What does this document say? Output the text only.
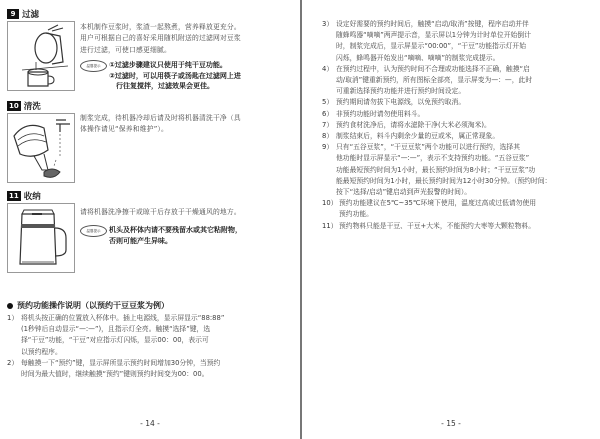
9 过滤
本机制作豆浆时，浆渣一起熬煮，营养释放更充分。
用户可根据自己的喜好采用随机附送的过滤网对豆浆
进行过滤，可使口感更细腻。
温馨提示	①过滤步骤建议只使用于纯干豆功能。
②过滤时，可以用筷子或汤匙在过滤网上进
　行往复搅拌，过滤效果会更佳。
10 清洗
制浆完成，待机器冷却后请及时将机器清洗干净（具
体操作请见“保养和维护”）。
11 收纳
请将机器洗净擦干或晾干后存放于干燥通风的地方。
温馨提示	机头及杯体内请不要残留水或其它粘附物，
否则可能产生异味。
预约功能操作说明（以预约干豆豆浆为例）
1） 将机头按正确的位置放入杯体中。插上电源线，显示屏显示“88:88”
(1秒钟后自动显示“—:—”)，且指示灯全亮。触摸“选择”键，选
择“干豆”功能，“干豆”对应指示灯闪烁，显示00：00，表示可
以预约程序。
2） 每触摸一下“预约”键，显示屏所显示预约时间增加30分钟，当预约
时间为最大值时，继续触摸“预约”键则预约时间变为00：00。
- 14 -
3） 设定好需要的预约时间后，触摸“启动/取消”按键，程序启动并伴
随蜂鸣器“嘀嘀”两声提示音，显示屏以1分钟为计时单位开始倒计
时，制浆完成后，显示屏显示“00:00”，“干豆”功能指示灯开始
闪烁，蜂鸣器开始发出“嘀嘀、嘀嘀”的制浆完成提示。
4） 在预约过程中，认为预约时间不合理或功能选择不正确，触摸“启
动/取消”键重新预约，所有图标全部亮，显示屏变为—：—，此时
可重新选择预约功能并进行预约时间设定。
5） 预约期间请勿拔下电源线，以免预约取消。
6） 非预约功能时请勿使用料斗。
7） 预约食材洗净后，请将水滤除干净(大米必须淘米)。
8） 制浆结束后，料斗内剩余少量的豆或米，属正常现象。
9） 只有“五谷豆浆”，“干豆豆浆”两个功能可以进行预约，选择其
他功能时显示屏显示“—:—”，表示不支持预约功能。“五谷豆浆”
功能最短预约时间为1小时，最长预约时间为8小时；“干豆豆浆”功
能最短预约时间为1小时，最长预约时间为12小时30分钟。（预约时间：
按下“选择/启动”键启动到声光报警的时间）。
10） 预约功能建议在5℃~35℃环境下使用，温度过高或过低请勿使用
预约功能。
11） 预约物料只能是干豆、干豆+大米，不能预约大枣等大颗粒物料。
- 15 -
